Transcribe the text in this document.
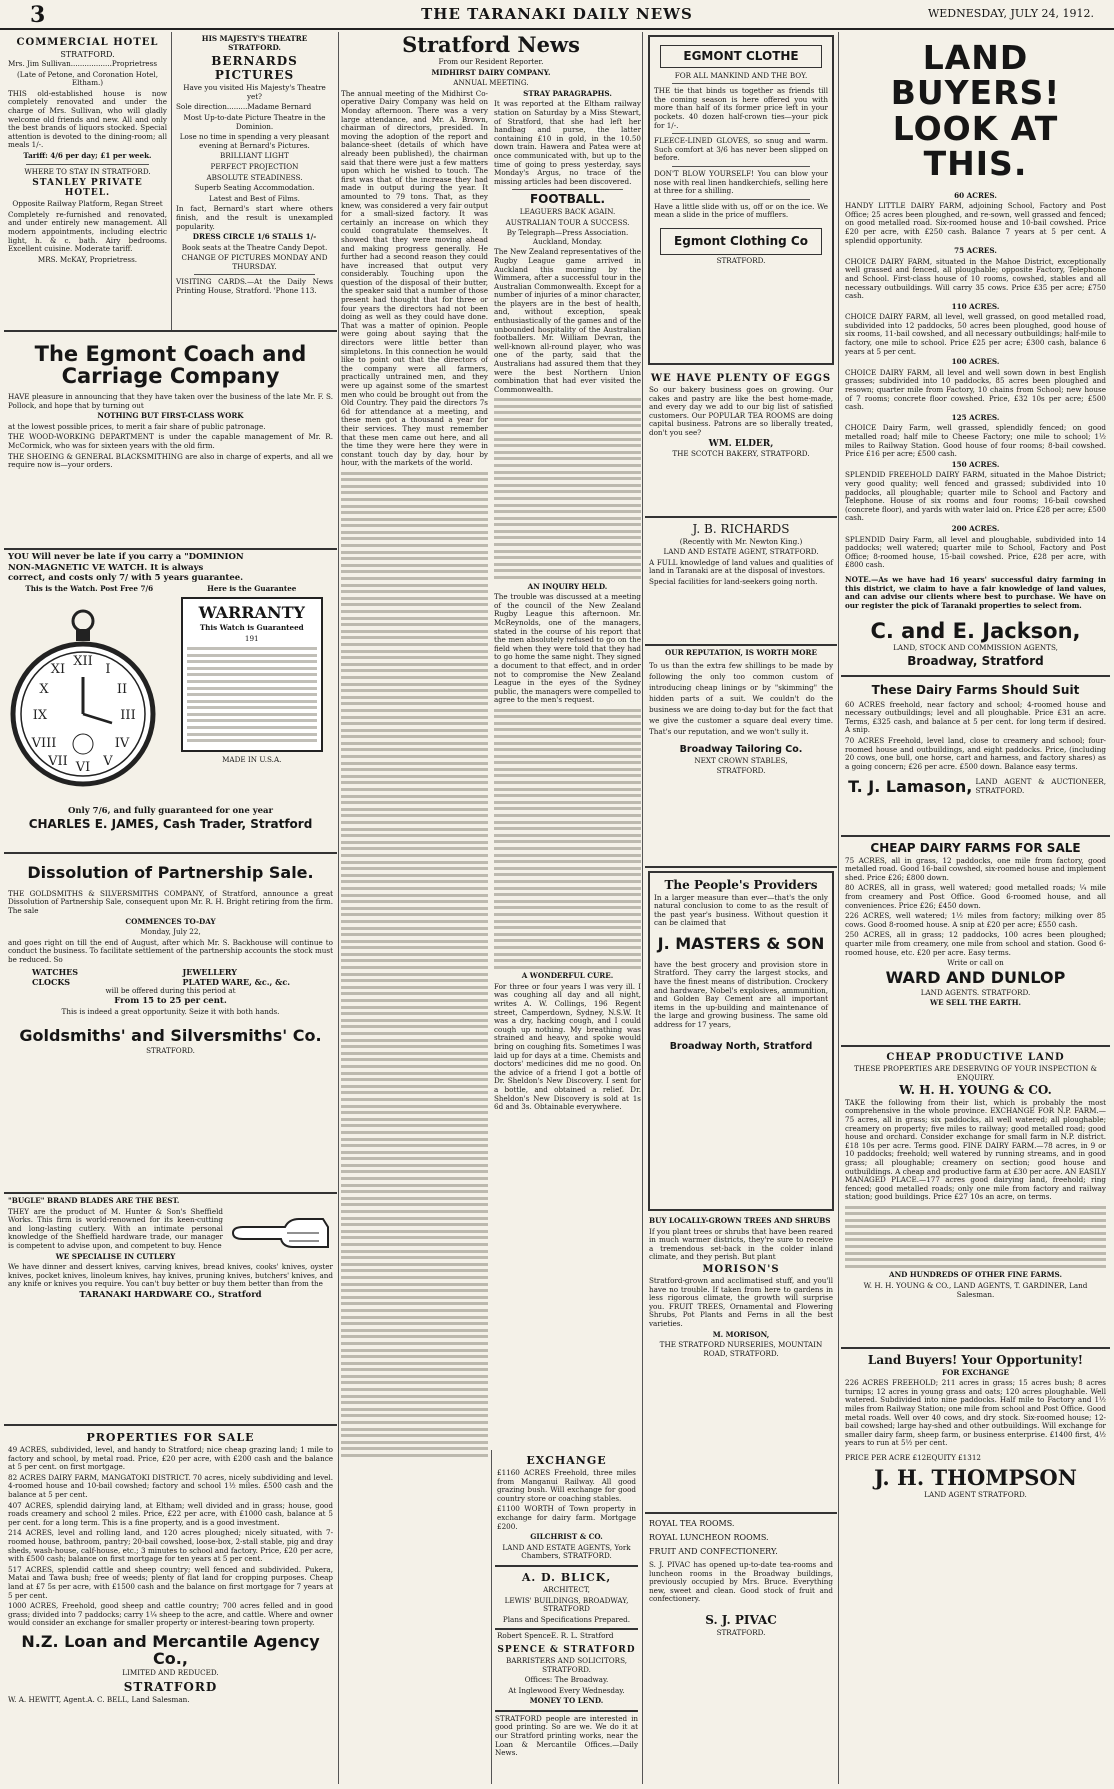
3	THE TARANAKI DAILY NEWS	WEDNESDAY, JULY 24, 1912.
COMMERCIAL HOTEL
STRATFORD.

Mrs. Jim Sullivan..................Proprietress

(Late of Petone, and Coronation Hotel, Eltham.)

THIS old-established house is now completely renovated and under the charge of Mrs. Sullivan, who will gladly welcome old friends and new. All and only the best brands of liquors stocked. Special attention is devoted to the dining-room; all meals 1/-.

Tariff: 4/6 per day; £1 per week.

WHERE TO STAY IN STRATFORD.

STANLEY PRIVATE HOTEL.

Opposite Railway Platform, Regan Street

Completely re-furnished and renovated, and under entirely new management. All modern appointments, including electric light, h. & c. bath. Airy bedrooms. Excellent cuisine. Moderate tariff.

MRS. McKAY, Proprietress.

HIS MAJESTY'S THEATRE STRATFORD.

BERNARDS PICTURES

Have you visited His Majesty's Theatre yet?

Sole direction.........Madame Bernard

Most Up-to-date Picture Theatre in the Dominion.

Lose no time in spending a very pleasant evening at Bernard's Pictures.

BRILLIANT LIGHT

PERFECT PROJECTION

ABSOLUTE STEADINESS.

Superb Seating Accommodation.

Latest and Best of Films.

In fact, Bernard's start where others finish, and the result is unexampled popularity.

DRESS CIRCLE 1/6 STALLS 1/-

Book seats at the Theatre Candy Depot.

CHANGE OF PICTURES MONDAY AND THURSDAY.

VISITING CARDS.—At the Daily News Printing House, Stratford. 'Phone 113.

The Egmont Coach and Carriage Company

HAVE pleasure in announcing that they have taken over the business of the late Mr. F. S. Pollock, and hope that by turning out

NOTHING BUT FIRST-CLASS WORK

at the lowest possible prices, to merit a fair share of public patronage.

THE WOOD-WORKING DEPARTMENT is under the capable management of Mr. R. McCormick, who was for sixteen years with the old firm.

THE SHOEING & GENERAL BLACKSMITHING are also in charge of experts, and all we require now is—your orders.

YOU Will never be late if you carry a "DOMINION

NON-MAGNETIC VE WATCH. It is always

correct, and costs only 7/ with 5 years guarantee.

This is the Watch. Post Free 7/6

XII
III
VI
IX
I
II
IV
V
VII
VIII
X
XI

Here is the Guarantee

WARRANTY

This Watch is Guaranteed

191

MADE IN U.S.A.

Only 7/6, and fully guaranteed for one year

CHARLES E. JAMES, Cash Trader, Stratford
Dissolution of Partnership Sale.

THE GOLDSMITHS & SILVERSMITHS COMPANY, of Stratford, announce a great Dissolution of Partnership Sale, consequent upon Mr. R. H. Bright retiring from the firm. The sale

COMMENCES TO-DAY

Monday, July 22,

and goes right on till the end of August, after which Mr. S. Backhouse will continue to conduct the business. To facilitate settlement of the partnership accounts the stock must be reduced. So

WATCHES
CLOCKS
JEWELLERY
PLATED WARE, &c., &c.

will be offered during this period at

From 15 to 25 per cent.

This is indeed a great opportunity. Seize it with both hands.

Goldsmiths' and Silversmiths' Co.

STRATFORD.

"BUGLE" BRAND BLADES ARE THE BEST.

THEY are the product of M. Hunter & Son's Sheffield Works. This firm is world-renowned for its keen-cutting and long-lasting cutlery. With an intimate personal knowledge of the Sheffield hardware trade, our manager is competent to advise upon, and competent to buy. Hence

WE SPECIALISE IN CUTLERY

We have dinner and dessert knives, carving knives, bread knives, cooks' knives, oyster knives, pocket knives, linoleum knives, hay knives, pruning knives, butchers' knives, and any knife or knives you require. You can't buy better or buy them better than from the

TARANAKI HARDWARE CO., Stratford

PROPERTIES FOR SALE

49 ACRES, subdivided, level, and handy to Stratford; nice cheap grazing land; 1 mile to factory and school, by metal road. Price, £20 per acre, with £200 cash and the balance at 5 per cent. on first mortgage.

82 ACRES DAIRY FARM, MANGATOKI DISTRICT. 70 acres, nicely subdividing and level. 4-roomed house and 10-bail cowshed; factory and school 1½ miles. £500 cash and the balance at 5 per cent.

407 ACRES, splendid dairying land, at Eltham; well divided and in grass; house, good roads creamery and school 2 miles. Price, £22 per acre, with £1000 cash, balance at 5 per cent. for a long term. This is a fine property, and is a good investment.

214 ACRES, level and rolling land, and 120 acres ploughed; nicely situated, with 7-roomed house, bathroom, pantry; 20-bail cowshed, loose-box, 2-stall stable, pig and dray sheds, wash-house, calf-house, etc.; 3 minutes to school and factory. Price, £20 per acre, with £500 cash; balance on first mortgage for ten years at 5 per cent.

517 ACRES, splendid cattle and sheep country; well fenced and subdivided. Pukera, Matai and Tawa bush; free of weeds; plenty of flat land for cropping purposes. Cheap land at £7 5s per acre, with £1500 cash and the balance on first mortgage for 7 years at 5 per cent.

1000 ACRES, Freehold, good sheep and cattle country; 700 acres felled and in good grass; divided into 7 paddocks; carry 1¼ sheep to the acre, and cattle. Where and owner would consider an exchange for smaller property or interest-bearing town property.

N.Z. Loan and Mercantile Agency Co.,

LIMITED AND REDUCED.

STRATFORD

W. A. HEWITT, Agent. A. C. BELL, Land Salesman.

Stratford News

From our Resident Reporter.

MIDHIRST DAIRY COMPANY.

ANNUAL MEETING.

The annual meeting of the Midhirst Co-operative Dairy Company was held on Monday afternoon. There was a very large attendance, and Mr. A. Brown, chairman of directors, presided. In moving the adoption of the report and balance-sheet (details of which have already been published), the chairman said that there were just a few matters upon which he wished to touch. The first was that of the increase they had made in output during the year. It amounted to 79 tons. That, as they knew, was considered a very fair output for a small-sized factory. It was certainly an increase on which they could congratulate themselves. It showed that they were moving ahead and making progress generally. He further had a second reason they could have increased that output very considerably. Touching upon the question of the disposal of their butter, the speaker said that a number of those present had thought that for three or four years the directors had not been doing as well as they could have done. That was a matter of opinion. People were going about saying that the directors were little better than simpletons. In this connection he would like to point out that the directors of the company were all farmers, practically untrained men, and they were up against some of the smartest men who could be brought out from the Old Country. They paid the directors 7s 6d for attendance at a meeting, and these men got a thousand a year for their services. They must remember that these men came out here, and all the time they were here they were in constant touch day by day, hour by hour, with the markets of the world.

STRAY PARAGRAPHS.

It was reported at the Eltham railway station on Saturday by a Miss Stewart, of Stratford, that she had left her handbag and purse, the latter containing £10 in gold, in the 10.50 down train. Hawera and Patea were at once communicated with, but up to the time of going to press yesterday, says Monday's Argus, no trace of the missing articles had been discovered.

FOOTBALL.

LEAGUERS BACK AGAIN.

AUSTRALIAN TOUR A SUCCESS.

By Telegraph—Press Association. Auckland, Monday.

The New Zealand representatives of the Rugby League game arrived in Auckland this morning by the Wimmera, after a successful tour in the Australian Commonwealth. Except for a number of injuries of a minor character, the players are in the best of health, and, without exception, speak enthusiastically of the games and of the unbounded hospitality of the Australian footballers. Mr. William Devran, the well-known all-round player, who was one of the party, said that the Australians had assured them that they were the best Northern Union combination that had ever visited the Commonwealth.

AN INQUIRY HELD.

The trouble was discussed at a meeting of the council of the New Zealand Rugby League this afternoon. Mr. McReynolds, one of the managers, stated in the course of his report that the men absolutely refused to go on the field when they were told that they had to go home the same night. They signed a document to that effect, and in order not to compromise the New Zealand League in the eyes of the Sydney public, the managers were compelled to agree to the men's request.

A WONDERFUL CURE.

For three or four years I was very ill. I was coughing all day and all night, writes A. W. Collings, 196 Regent street, Camperdown, Sydney, N.S.W. It was a dry, hacking cough, and I could cough up nothing. My breathing was strained and heavy, and spoke would bring on coughing fits. Sometimes I was laid up for days at a time. Chemists and doctors' medicines did me no good. On the advice of a friend I got a bottle of Dr. Sheldon's New Discovery. I sent for a bottle, and obtained a relief. Dr. Sheldon's New Discovery is sold at 1s 6d and 3s. Obtainable everywhere.

EXCHANGE

£1160 ACRES Freehold, three miles from Manganui Railway. All good grazing bush. Will exchange for good country store or coaching stables.

£1100 WORTH of Town property in exchange for dairy farm. Mortgage £200.

GILCHRIST & CO.

LAND AND ESTATE AGENTS, York Chambers, STRATFORD.

A. D. BLICK,

ARCHITECT,

LEWIS' BUILDINGS, BROADWAY, STRATFORD

Plans and Specifications Prepared.

Robert Spence E. R. L. Stratford

SPENCE & STRATFORD

BARRISTERS AND SOLICITORS, STRATFORD.

Offices: The Broadway.

At Inglewood Every Wednesday.

MONEY TO LEND.

STRATFORD people are interested in good printing. So are we. We do it at our Stratford printing works, near the Loan & Mercantile Offices.—Daily News.

EGMONT CLOTHE

FOR ALL MANKIND AND THE BOY.

THE tie that binds us together as friends till the coming season is here offered you with more than half of its former price left in your pockets. 40 dozen half-crown ties—your pick for 1/-.

FLEECE-LINED GLOVES, so snug and warm. Such comfort at 3/6 has never been slipped on before.

DON'T BLOW YOURSELF! You can blow your nose with real linen handkerchiefs, selling here at three for a shilling.

Have a little slide with us, off or on the ice. We mean a slide in the price of mufflers.

Egmont Clothing Co

STRATFORD.

WE HAVE PLENTY OF EGGS

So our bakery business goes on growing. Our cakes and pastry are like the best home-made, and every day we add to our big list of satisfied customers. Our POPULAR TEA ROOMS are doing capital business. Patrons are so liberally treated, don't you see?

WM. ELDER,

THE SCOTCH BAKERY, STRATFORD.

J. B. RICHARDS

(Recently with Mr. Newton King.)

LAND AND ESTATE AGENT, STRATFORD.

A FULL knowledge of land values and qualities of land in Taranaki are at the disposal of investors.

Special facilities for land-seekers going north.

OUR REPUTATION, IS WORTH MORE

To us than the extra few shillings to be made by following the only too common custom of introducing cheap linings or by "skimming" the hidden parts of a suit. We couldn't do the business we are doing to-day but for the fact that we give the customer a square deal every time. That's our reputation, and we won't sully it.

Broadway Tailoring Co.

NEXT CROWN STABLES,

STRATFORD.

The People's Providers

In a larger measure than ever—that's the only natural conclusion to come to as the result of the past year's business. Without question it can be claimed that

J. MASTERS & SON

have the best grocery and provision store in Stratford. They carry the largest stocks, and have the finest means of distribution. Crockery and hardware, Nobel's explosives, ammunition, and Golden Bay Cement are all important items in the up-building and maintenance of the large and growing business. The same old address for 17 years,

Broadway North, Stratford

BUY LOCALLY-GROWN TREES AND SHRUBS

If you plant trees or shrubs that have been reared in much warmer districts, they're sure to receive a tremendous set-back in the colder inland climate, and they perish. But plant

MORISON'S

Stratford-grown and acclimatised stuff, and you'll have no trouble. If taken from here to gardens in less rigorous climate, the growth will surprise you. FRUIT TREES, Ornamental and Flowering Shrubs, Pot Plants and Ferns in all the best varieties.

M. MORISON,

THE STRATFORD NURSERIES, MOUNTAIN ROAD, STRATFORD.

ROYAL TEA ROOMS.
ROYAL LUNCHEON ROOMS.
FRUIT AND CONFECTIONERY.

S. J. PIVAC has opened up-to-date tea-rooms and luncheon rooms in the Broadway buildings, previously occupied by Mrs. Bruce. Everything new, sweet and clean. Good stock of fruit and confectionery.

S. J. PIVAC

STRATFORD.

LAND BUYERS!
LOOK AT THIS.

60 ACRES.

HANDY LITTLE DAIRY FARM, adjoining School, Factory and Post Office; 25 acres been ploughed, and re-sown, well grassed and fenced; on good metalled road. Six-roomed house and 10-bail cowshed. Price £20 per acre, with £250 cash. Balance 7 years at 5 per cent. A splendid opportunity.

75 ACRES.

CHOICE DAIRY FARM, situated in the Mahoe District, exceptionally well grassed and fenced, all ploughable; opposite Factory, Telephone and School. First-class house of 10 rooms, cowshed, stables and all necessary outbuildings. Will carry 35 cows. Price £35 per acre; £750 cash.

110 ACRES.

CHOICE DAIRY FARM, all level, well grassed, on good metalled road, subdivided into 12 paddocks, 50 acres been ploughed, good house of six rooms, 11-bail cowshed, and all necessary outbuildings; half-mile to factory, one mile to school. Price £25 per acre; £300 cash, balance 6 years at 5 per cent.

100 ACRES.

CHOICE DAIRY FARM, all level and well sown down in best English grasses; subdivided into 10 paddocks, 85 acres been ploughed and resown; quarter mile from Factory, 10 chains from School; new house of 7 rooms; concrete floor cowshed. Price, £32 10s per acre; £500 cash.

125 ACRES.

CHOICE Dairy Farm, well grassed, splendidly fenced; on good metalled road; half mile to Cheese Factory; one mile to school; 1½ miles to Railway Station. Good house of four rooms; 8-bail cowshed. Price £16 per acre; £500 cash.

150 ACRES.

SPLENDID FREEHOLD DAIRY FARM, situated in the Mahoe District; very good quality; well fenced and grassed; subdivided into 10 paddocks, all ploughable; quarter mile to School and Factory and Telephone. House of six rooms and four rooms; 16-bail cowshed (concrete floor), and yards with water laid on. Price £28 per acre; £500 cash.

200 ACRES.

SPLENDID Dairy Farm, all level and ploughable, subdivided into 14 paddocks; well watered; quarter mile to School, Factory and Post Office; 8-roomed house, 15-bail cowshed. Price, £28 per acre, with £800 cash.

NOTE.—As we have had 16 years' successful dairy farming in this district, we claim to have a fair knowledge of land values, and can advise our clients where best to purchase. We have on our register the pick of Taranaki properties to select from.

C. and E. Jackson,

LAND, STOCK AND COMMISSION AGENTS,

Broadway, Stratford
These Dairy Farms Should Suit

60 ACRES freehold, near factory and school; 4-roomed house and necessary outbuildings; level and all ploughable. Price £31 an acre. Terms, £325 cash, and balance at 5 per cent. for long term if desired. A snip.

70 ACRES Freehold, level land, close to creamery and school; four-roomed house and outbuildings, and eight paddocks. Price, (including 20 cows, one bull, one horse, cart and harness, and factory shares) as a going concern; £26 per acre. £500 down. Balance easy terms.

T. J. Lamason, LAND AGENT & AUCTIONEER, STRATFORD.

CHEAP DAIRY FARMS FOR SALE

75 ACRES, all in grass, 12 paddocks, one mile from factory, good metalled road. Good 16-bail cowshed, six-roomed house and implement shed. Price £26; £800 down.

80 ACRES, all in grass, well watered; good metalled roads; ¼ mile from creamery and Post Office. Good 6-roomed house, and all conveniences. Price £26; £450 down.

226 ACRES, well watered; 1½ miles from factory; milking over 85 cows. Good 8-roomed house. A snip at £20 per acre; £550 cash.

250 ACRES, all in grass; 12 paddocks, 100 acres been ploughed; quarter mile from creamery, one mile from school and station. Good 6-roomed house, etc. £20 per acre. Easy terms.

Write or call on

WARD AND DUNLOP

LAND AGENTS. STRATFORD.

WE SELL THE EARTH.

CHEAP PRODUCTIVE LAND

THESE PROPERTIES ARE DESERVING OF YOUR INSPECTION & ENQUIRY.

W. H. H. YOUNG & CO.

TAKE the following from their list, which is probably the most comprehensive in the whole province. EXCHANGE FOR N.P. FARM.—75 acres, all in grass; six paddocks, all well watered; all ploughable; creamery on property; five miles to railway; good metalled road; good house and orchard. Consider exchange for small farm in N.P. district. £18 10s per acre. Terms good. FINE DAIRY FARM.—78 acres, in 9 or 10 paddocks; freehold; well watered by running streams, and in good grass; all ploughable; creamery on section; good house and outbuildings. A cheap and productive farm at £30 per acre. AN EASILY MANAGED PLACE.—177 acres good dairying land, freehold; ring fenced; good metalled roads; only one mile from factory and railway station; good buildings. Price £27 10s an acre, on terms.

AND HUNDREDS OF OTHER FINE FARMS.

W. H. H. YOUNG & CO., LAND AGENTS, T. GARDINER, Land Salesman.

Land Buyers! Your Opportunity!

FOR EXCHANGE

226 ACRES FREEHOLD; 211 acres in grass; 15 acres bush; 8 acres turnips; 12 acres in young grass and oats; 120 acres ploughable. Well watered. Subdivided into nine paddocks. Half mile to Factory and 1½ miles from Railway Station; one mile from school and Post Office. Good metal roads. Well over 40 cows, and dry stock. Six-roomed house; 12-bail cowshed; large hay-shed and other outbuildings. Will exchange for smaller dairy farm, sheep farm, or business enterprise. £1400 first, 4½ years to run at 5½ per cent.

PRICE PER ACRE £12 EQUITY £1312

J. H. THOMPSON

LAND AGENT STRATFORD.
